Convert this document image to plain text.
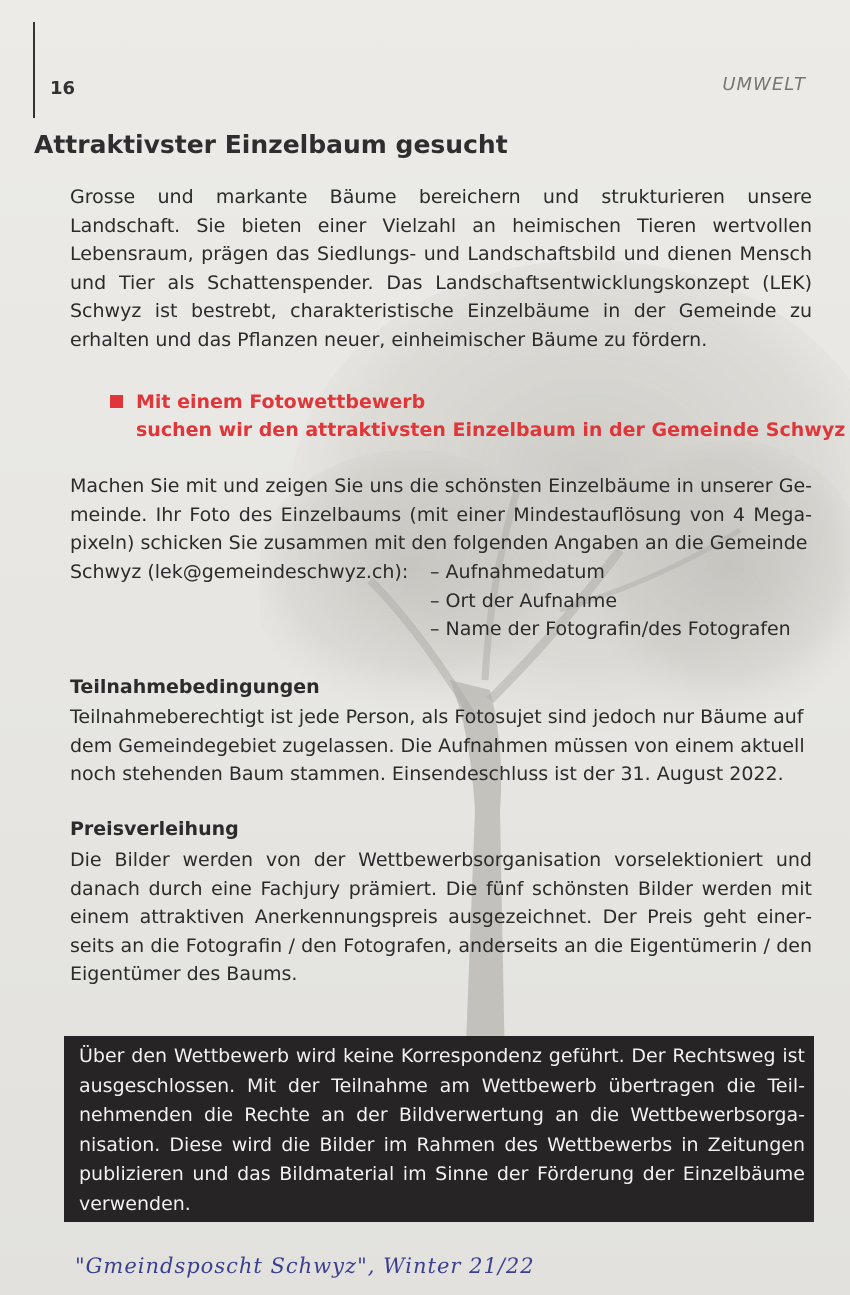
16	UMWELT
Attraktivster Einzelbaum gesucht
Grosse und markante Bäume bereichern und strukturieren unsere Landschaft. Sie bieten einer Vielzahl an heimischen Tieren wertvollen Lebensraum, prägen das Siedlungs- und Landschaftsbild und dienen Mensch und Tier als Schattenspender. Das Landschaftsentwicklungskonzept (LEK) Schwyz ist bestrebt, charakteristische Einzelbäume in der Gemeinde zu erhalten und das Pflanzen neuer, einheimischer Bäume zu fördern.
Mit einem Fotowettbewerb
suchen wir den attraktivsten Einzelbaum in der Gemeinde Schwyz
Machen Sie mit und zeigen Sie uns die schönsten Einzelbäume in unserer Gemeinde. Ihr Foto des Einzelbaums (mit einer Mindestauflösung von 4 Megapixeln) schicken Sie zusammen mit den folgenden Angaben an die Gemeinde
Schwyz (lek@gemeindeschwyz.ch):	– Aufnahmedatum
– Ort der Aufnahme
– Name der Fotografin/des Fotografen
Teilnahmebedingungen
Teilnahmeberechtigt ist jede Person, als Fotosujet sind jedoch nur Bäume auf dem Gemeindegebiet zugelassen. Die Aufnahmen müssen von einem aktuell noch stehenden Baum stammen. Einsendeschluss ist der 31. August 2022.
Preisverleihung
Die Bilder werden von der Wettbewerbsorganisation vorselektioniert und danach durch eine Fachjury prämiert. Die fünf schönsten Bilder werden mit einem attraktiven Anerkennungspreis ausgezeichnet. Der Preis geht einerseits an die Fotografin / den Fotografen, anderseits an die Eigentümerin / den Eigentümer des Baums.
Über den Wettbewerb wird keine Korrespondenz geführt. Der Rechtsweg ist ausgeschlossen. Mit der Teilnahme am Wettbewerb übertragen die Teilnehmenden die Rechte an der Bildverwertung an die Wettbewerbsorganisation. Diese wird die Bilder im Rahmen des Wettbewerbs in Zeitungen publizieren und das Bildmaterial im Sinne der Förderung der Einzelbäume verwenden.
"Gmeindsposcht Schwyz", Winter 21/22
